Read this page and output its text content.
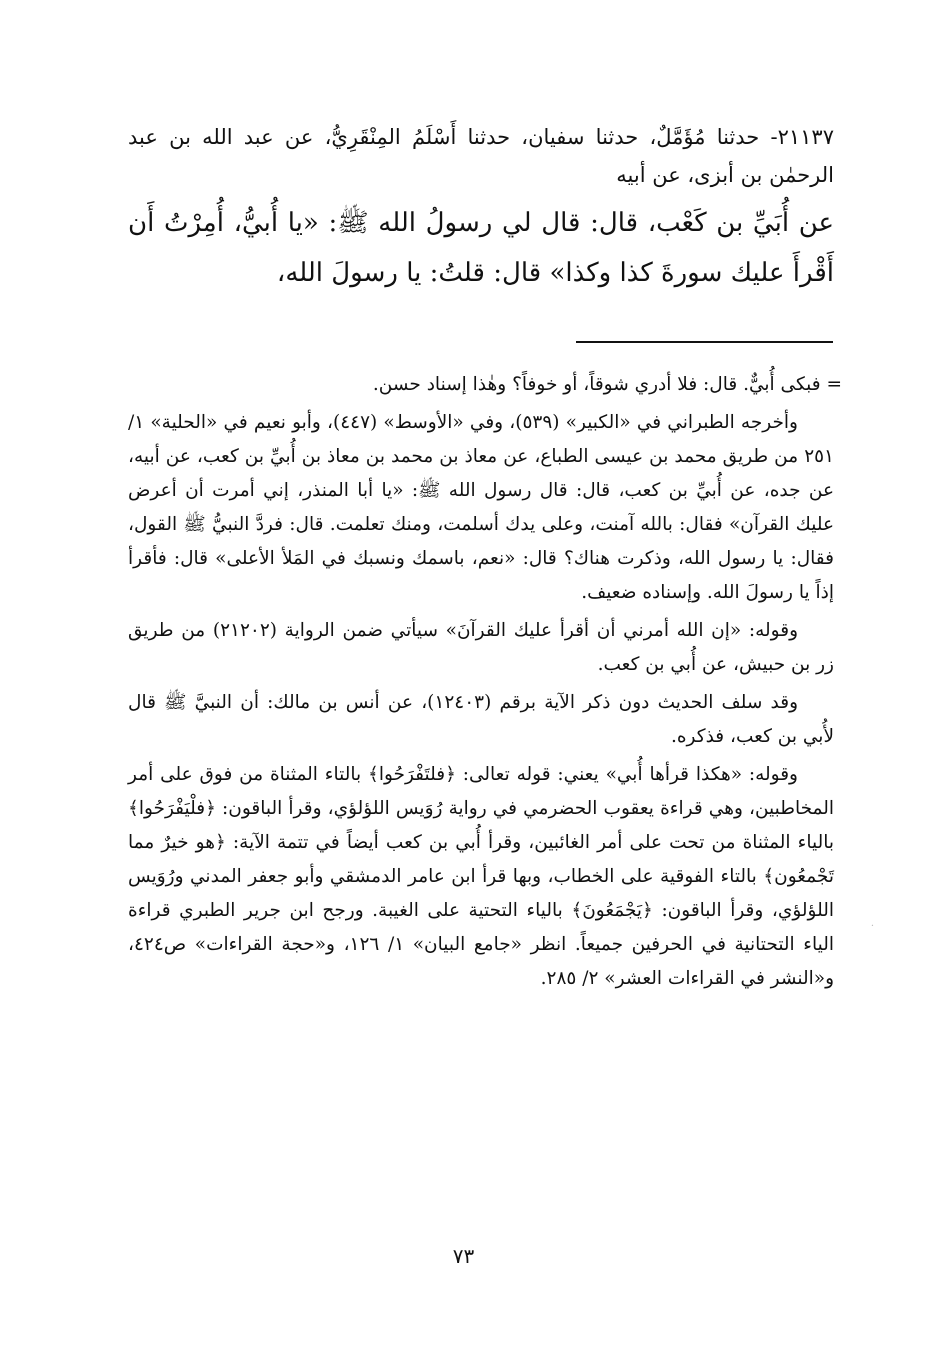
٢١١٣٧- حدثنا مُؤَمَّلٌ، حدثنا سفيان، حدثنا أَسْلَمُ المِنْقَرِيُّ، عن عبد الله بن عبد الرحمٰن بن أبزى، عن أبيه

عن أُبَيِّ بن كَعْب، قال: قال لي رسولُ الله ﷺ: «يا أُبيُّ، أُمِرْتُ أَن أَقْرأَ عليك سورةَ كذا وكذا» قال: قلتُ: يا رسولَ الله،

= فبكى أُبيٌّ. قال: فلا أدري شوقاً، أو خوفاً؟ وهٰذا إسناد حسن.

وأخرجه الطبراني في «الكبير» (٥٣٩)، وفي «الأوسط» (٤٤٧)، وأبو نعيم في «الحلية» ١/ ٢٥١ من طريق محمد بن عيسى الطباع، عن معاذ بن محمد بن معاذ بن أُبيِّ بن كعب، عن أبيه، عن جده، عن أُبيِّ بن كعب، قال: قال رسول الله ﷺ: «يا أبا المنذر، إني أمرت أن أعرض عليك القرآن» فقال: بالله آمنت، وعلى يدك أسلمت، ومنك تعلمت. قال: فردَّ النبيُّ ﷺ القول، فقال: يا رسول الله، وذكرت هناك؟ قال: «نعم، باسمك ونسبك في المَلأ الأعلى» قال: فأقرأ إذاً يا رسولَ الله. وإسناده ضعيف.

وقوله: «إن الله أمرني أن أقرأ عليك القرآنَ» سيأتي ضمن الرواية (٢١٢٠٢) من طريق زر بن حبيش، عن أُبي بن كعب.

وقد سلف الحديث دون ذكر الآية برقم (١٢٤٠٣)، عن أنس بن مالك: أن النبيَّ ﷺ قال لأُبي بن كعب، فذكره.

وقوله: «هكذا قرأها أُبي» يعني: قوله تعالى: ﴿فلتَفْرَحُوا﴾ بالتاء المثناة من فوق على أمر المخاطبين، وهي قراءة يعقوب الحضرمي في رواية رُوَيس اللؤلؤي، وقرأ الباقون: ﴿فلْيَفْرَحُوا﴾ بالياء المثناة من تحت على أمر الغائبين، وقرأ أُبي بن كعب أيضاً في تتمة الآية: ﴿هو خيرٌ مما تَجْمعُون﴾ بالتاء الفوقية على الخطاب، وبها قرأ ابن عامر الدمشقي وأبو جعفر المدني ورُوَيس اللؤلؤي، وقرأ الباقون: ﴿يَجْمَعُونَ﴾ بالياء التحتية على الغيبة. ورجح ابن جرير الطبري قراءة الياء التحتانية في الحرفين جميعاً. انظر «جامع البيان» ١/ ١٢٦، و«حجة القراءات» ص٤٢٤، و«النشر في القراءات العشر» ٢/ ٢٨٥.

٧٣
·
